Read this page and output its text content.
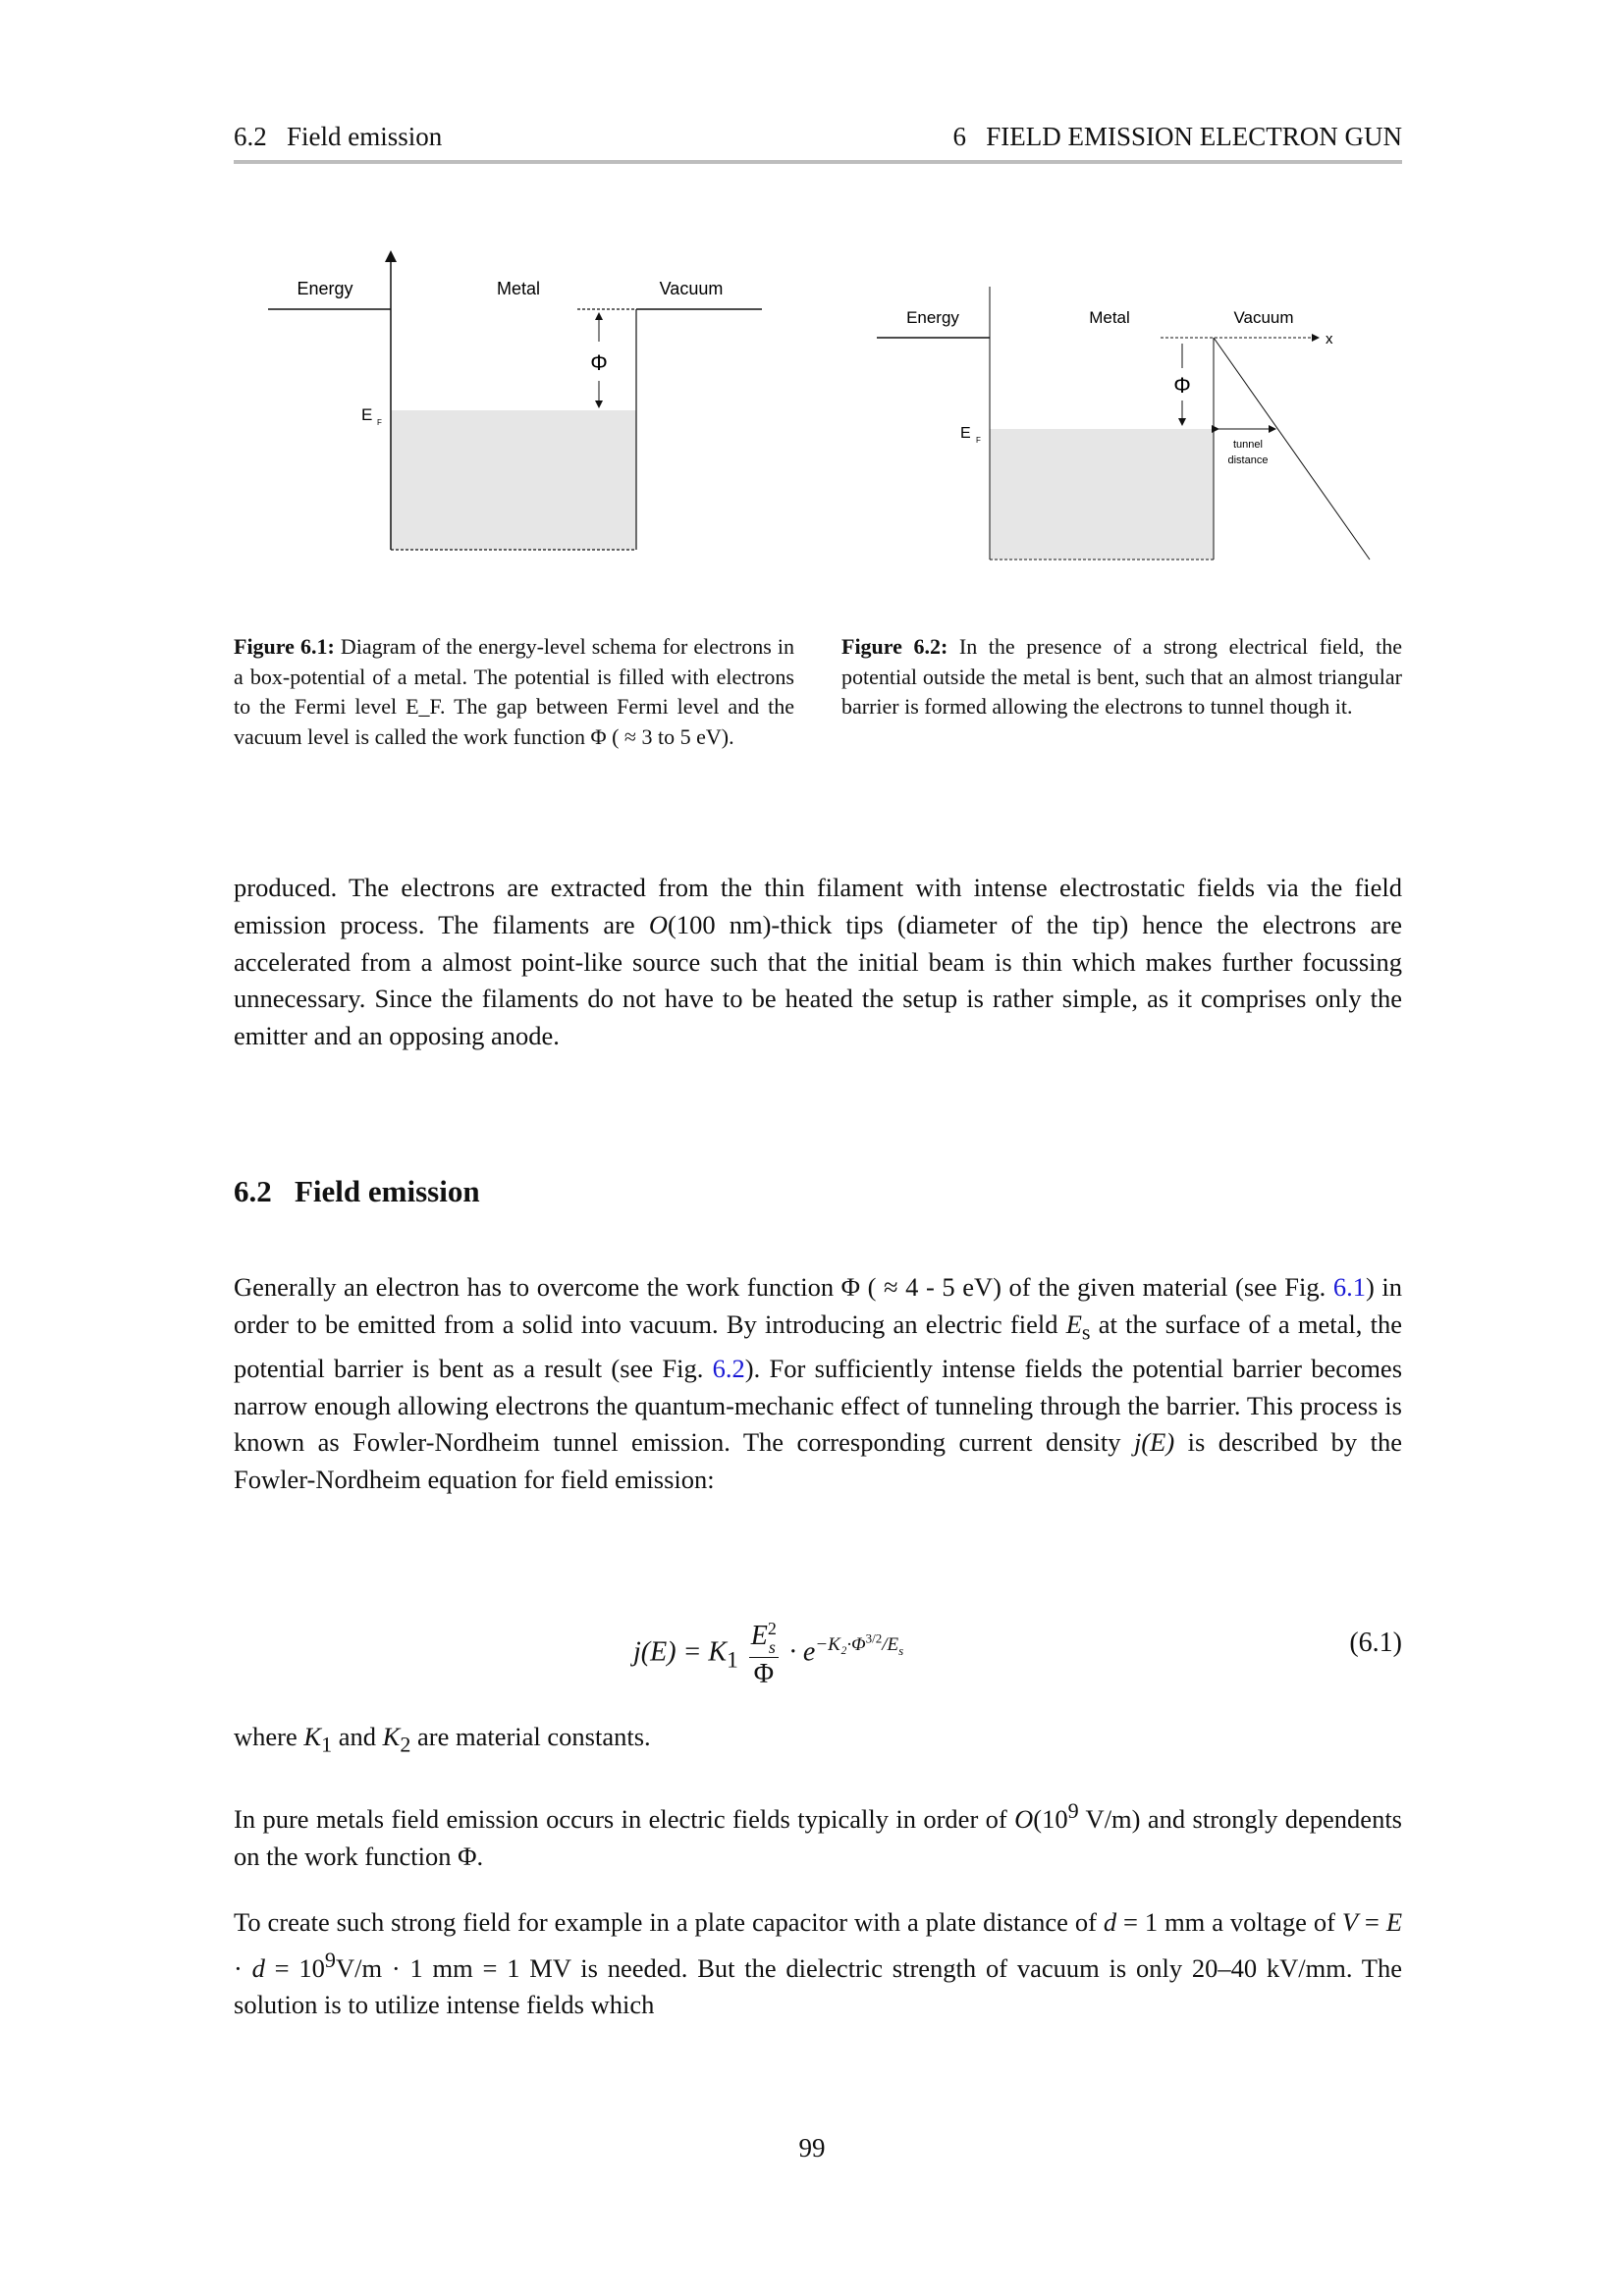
6.2   Field emission	6   FIELD EMISSION ELECTRON GUN
Φ
Energy	Metal	Vacuum
E F
x
Φ
tunnel
distance
Energy	Metal	Vacuum
E F
Figure 6.1: Diagram of the energy-level schema for electrons in a box-potential of a metal. The potential is filled with electrons to the Fermi level E_F. The gap between Fermi level and the vacuum level is called the work function Φ ( ≈ 3 to 5 eV).
Figure 6.2: In the presence of a strong electrical field, the potential outside the metal is bent, such that an almost triangular barrier is formed allowing the electrons to tunnel though it.
produced. The electrons are extracted from the thin filament with intense electrostatic fields via the field emission process. The filaments are O(100 nm)-thick tips (diameter of the tip) hence the electrons are accelerated from a almost point-like source such that the initial beam is thin which makes further focussing unnecessary. Since the filaments do not have to be heated the setup is rather simple, as it comprises only the emitter and an opposing anode.
6.2 Field emission
Generally an electron has to overcome the work function Φ ( ≈ 4 - 5 eV) of the given material (see Fig. 6.1) in order to be emitted from a solid into vacuum. By introducing an electric field $E_s$ at the surface of a metal, the potential barrier is bent as a result (see Fig. 6.2). For sufficiently intense fields the potential barrier becomes narrow enough allowing electrons the quantum-mechanic effect of tunneling through the barrier. This process is known as Fowler-Nordheim tunnel emission. The corresponding current density j(E) is described by the Fowler-Nordheim equation for field emission:
$j(E) = K_1$ E 2
s
$\Phi \cdot e^{-K_2\cdot\Phi^{3/2}/E_s}$	(6.1)
where $K_1$ and $K_2$ are material constants.
In pure metals field emission occurs in electric fields typically in order of $O(10^9$ V/m) and strongly dependents on the work function Φ.
To create such strong field for example in a plate capacitor with a plate distance of d = 1 mm a voltage of $V = E \cdot d = 10^9V/m \cdot 1$ mm = 1 MV is needed. But the dielectric strength of vacuum is only 20–40 kV/mm. The solution is to utilize intense fields which
99
